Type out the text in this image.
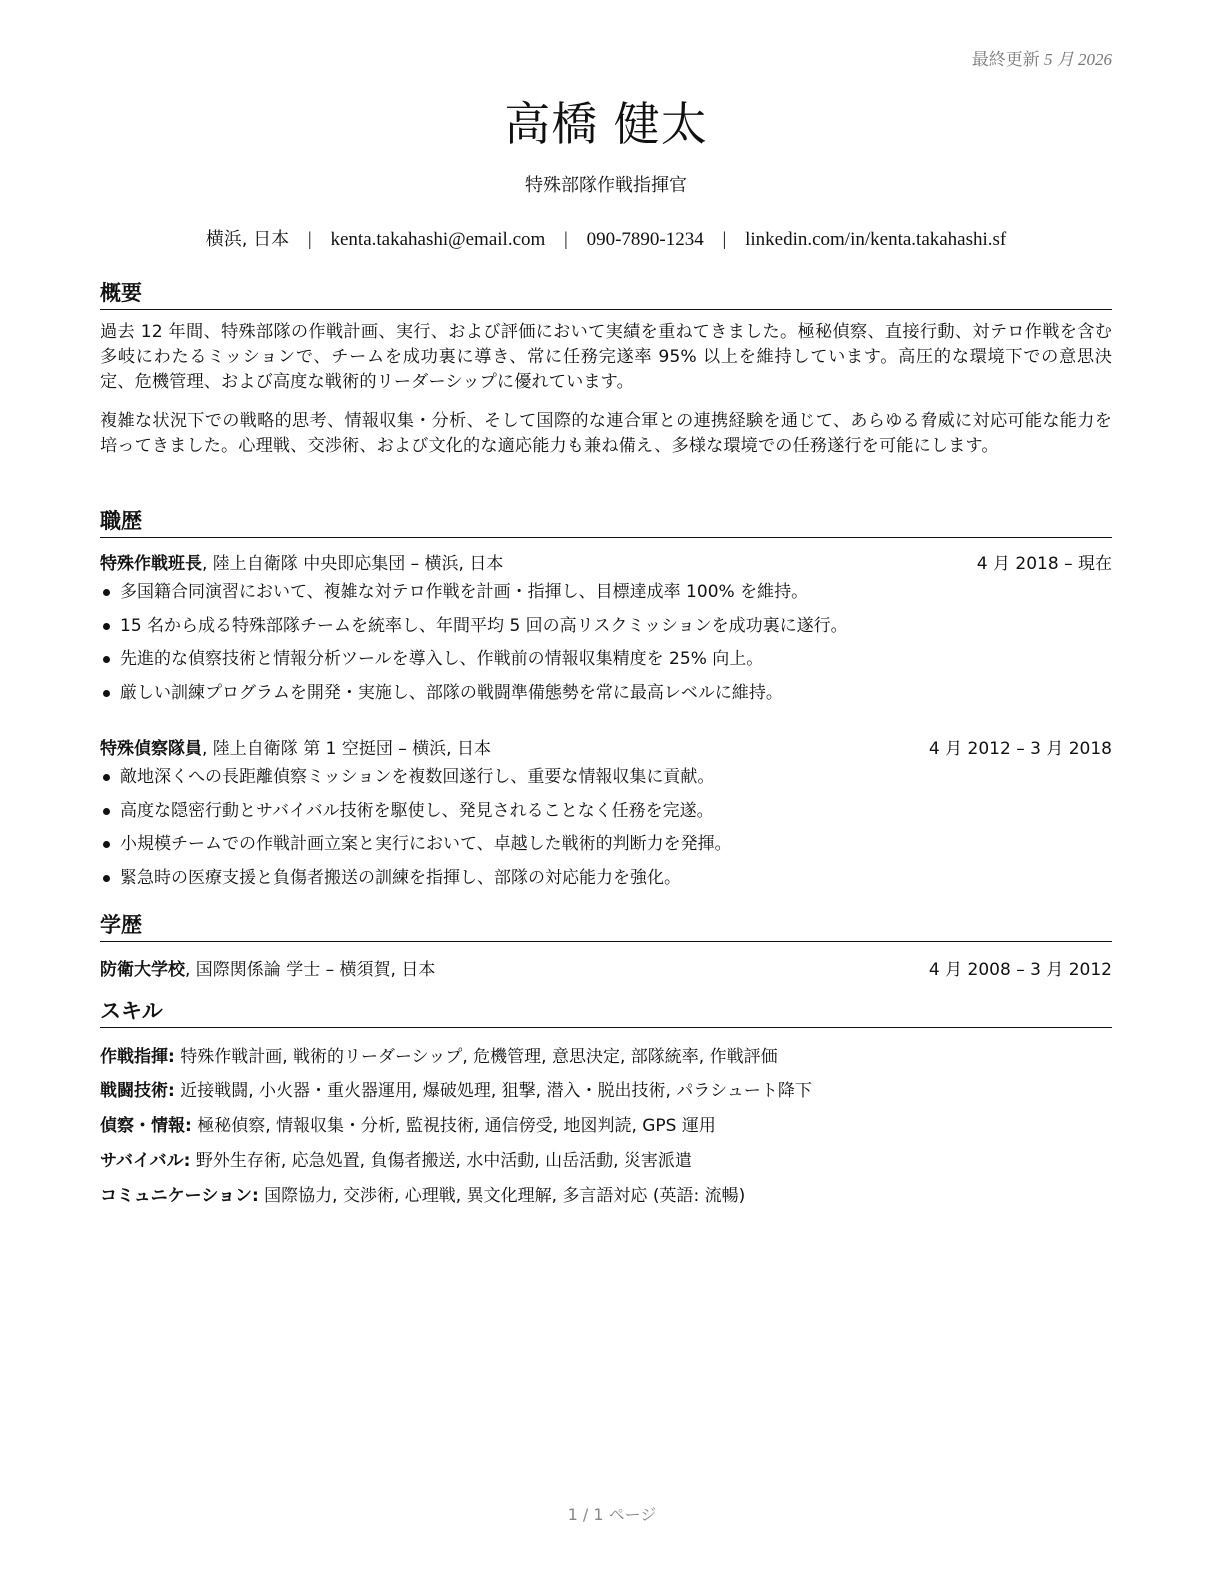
最終更新 5 月 2026
高橋 健太
特殊部隊作戦指揮官
横浜, 日本 | kenta.takahashi@email.com | 090-7890-1234 | linkedin.com/in/kenta.takahashi.sf
概要
過去 12 年間、特殊部隊の作戦計画、実行、および評価において実績を重ねてきました。極秘偵察、直接行動、対テロ作戦を含む多岐にわたるミッションで、チームを成功裏に導き、常に任務完遂率 95% 以上を維持しています。高圧的な環境下での意思決定、危機管理、および高度な戦術的リーダーシップに優れています。
複雑な状況下での戦略的思考、情報収集・分析、そして国際的な連合軍との連携経験を通じて、あらゆる脅威に対応可能な能力を培ってきました。心理戦、交渉術、および文化的な適応能力も兼ね備え、多様な環境での任務遂行を可能にします。
職歴
特殊作戦班長, 陸上自衛隊 中央即応集団 – 横浜, 日本	4 月 2018 – 現在
多国籍合同演習において、複雑な対テロ作戦を計画・指揮し、目標達成率 100% を維持。
15 名から成る特殊部隊チームを統率し、年間平均 5 回の高リスクミッションを成功裏に遂行。
先進的な偵察技術と情報分析ツールを導入し、作戦前の情報収集精度を 25% 向上。
厳しい訓練プログラムを開発・実施し、部隊の戦闘準備態勢を常に最高レベルに維持。
特殊偵察隊員, 陸上自衛隊 第 1 空挺団 – 横浜, 日本	4 月 2012 – 3 月 2018
敵地深くへの長距離偵察ミッションを複数回遂行し、重要な情報収集に貢献。
高度な隠密行動とサバイバル技術を駆使し、発見されることなく任務を完遂。
小規模チームでの作戦計画立案と実行において、卓越した戦術的判断力を発揮。
緊急時の医療支援と負傷者搬送の訓練を指揮し、部隊の対応能力を強化。
学歴
防衛大学校, 国際関係論 学士 – 横須賀, 日本	4 月 2008 – 3 月 2012
スキル
作戦指揮: 特殊作戦計画, 戦術的リーダーシップ, 危機管理, 意思決定, 部隊統率, 作戦評価
戦闘技術: 近接戦闘, 小火器・重火器運用, 爆破処理, 狙撃, 潜入・脱出技術, パラシュート降下
偵察・情報: 極秘偵察, 情報収集・分析, 監視技術, 通信傍受, 地図判読, GPS 運用
サバイバル: 野外生存術, 応急処置, 負傷者搬送, 水中活動, 山岳活動, 災害派遣
コミュニケーション: 国際協力, 交渉術, 心理戦, 異文化理解, 多言語対応 (英語: 流暢)
1 / 1 ページ
